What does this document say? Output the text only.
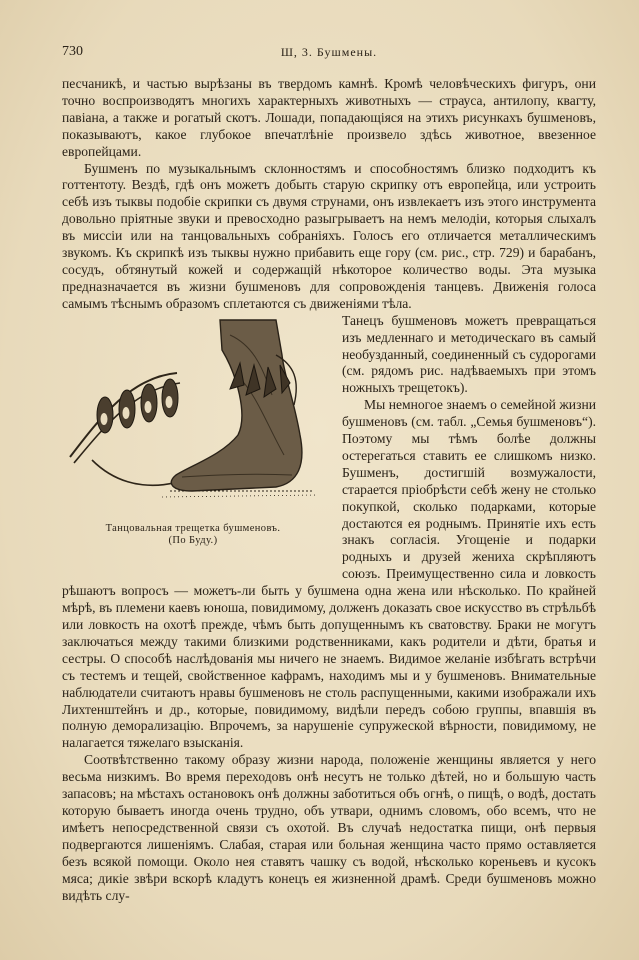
730	Ш, 3. Бушмены.

песчаникѣ, и частью вырѣзаны въ твердомъ камнѣ. Кромѣ человѣческихъ фигуръ, они точно воспроизводятъ многихъ характерныхъ животныхъ — страуса, антилопу, квагту, павіана, а также и рогатый скотъ. Лошади, попадающіяся на этихъ рисункахъ бушменовъ, показываютъ, какое глубокое впечатлѣніе произвело здѣсь животное, ввезенное европейцами.

Бушменъ по музыкальнымъ склонностямъ и способностямъ близко подходитъ къ готтентоту. Вездѣ, гдѣ онъ можетъ добыть старую скрипку отъ европейца, или устроить себѣ изъ тыквы подобіе скрипки съ двумя струнами, онъ извлекаетъ изъ этого инструмента довольно пріятные звуки и превосходно разыгрываетъ на немъ мелодіи, которыя слыхалъ въ миссіи или на танцовальныхъ собраніяхъ. Голосъ его отличается металлическимъ звукомъ. Къ скрипкѣ изъ тыквы нужно прибавить еще гору (см. рис., стр. 729) и барабанъ, сосудъ, обтянутый кожей и содержащій нѣкоторое количество воды. Эта музыка предназначается въ жизни бушменовъ для сопровожденія танцевъ. Движенія голоса самымъ тѣснымъ образомъ сплетаются съ движеніями тѣла.

Танцовальная трещетка бушменовъ.
(По Буду.)

Танецъ бушменовъ можетъ превращаться изъ медленнаго и методическаго въ самый необузданный, соединенный съ судорогами (см. рядомъ рис. надѣваемыхъ при этомъ ножныхъ трещетокъ).

Мы немногое знаемъ о семейной жизни бушменовъ (см. табл. „Семья бушменовъ“). Поэтому мы тѣмъ болѣе должны остерегаться ставить ее слишкомъ низко. Бушменъ, достигшій возмужалости, старается пріобрѣсти себѣ жену не столько покупкой, сколько подарками, которые достаются ея роднымъ. Принятіе ихъ есть знакъ согласія. Угощеніе и подарки родныхъ и друзей жениха скрѣпляютъ союзъ. Преимущественно сила и ловкость рѣшаютъ вопросъ — можетъ-ли быть у бушмена одна жена или нѣсколько. По крайней мѣрѣ, въ племени каевъ юноша, повидимому, долженъ доказать свое искусство въ стрѣльбѣ или ловкость на охотѣ прежде, чѣмъ быть допущеннымъ къ сватовству. Браки не могутъ заключаться между такими близкими родственниками, какъ родители и дѣти, братья и сестры. О способѣ наслѣдованія мы ничего не знаемъ. Видимое желаніе избѣгать встрѣчи съ тестемъ и тещей, свойственное кафрамъ, находимъ мы и у бушменовъ. Внимательные наблюдатели считаютъ нравы бушменовъ не столь распущенными, какими изображали ихъ Лихтенштейнъ и др., которые, повидимому, видѣли передъ собою группы, впавшія въ полную деморализацію. Впрочемъ, за нарушеніе супружеской вѣрности, повидимому, не налагается тяжелаго взысканія.

Соотвѣтственно такому образу жизни народа, положеніе женщины является у него весьма низкимъ. Во время переходовъ онѣ несутъ не только дѣтей, но и большую часть запасовъ; на мѣстахъ остановокъ онѣ должны заботиться объ огнѣ, о пищѣ, о водѣ, достать которую бываетъ иногда очень трудно, объ утвари, однимъ словомъ, обо всемъ, что не имѣетъ непосредственной связи съ охотой. Въ случаѣ недостатка пищи, онѣ первыя подвергаются лишеніямъ. Слабая, старая или больная женщина часто прямо оставляется безъ всякой помощи. Около нея ставятъ чашку съ водой, нѣсколько кореньевъ и кусокъ мяса; дикіе звѣри вскорѣ кладутъ конецъ ея жизненной драмѣ. Среди бушменовъ можно видѣть слу-
